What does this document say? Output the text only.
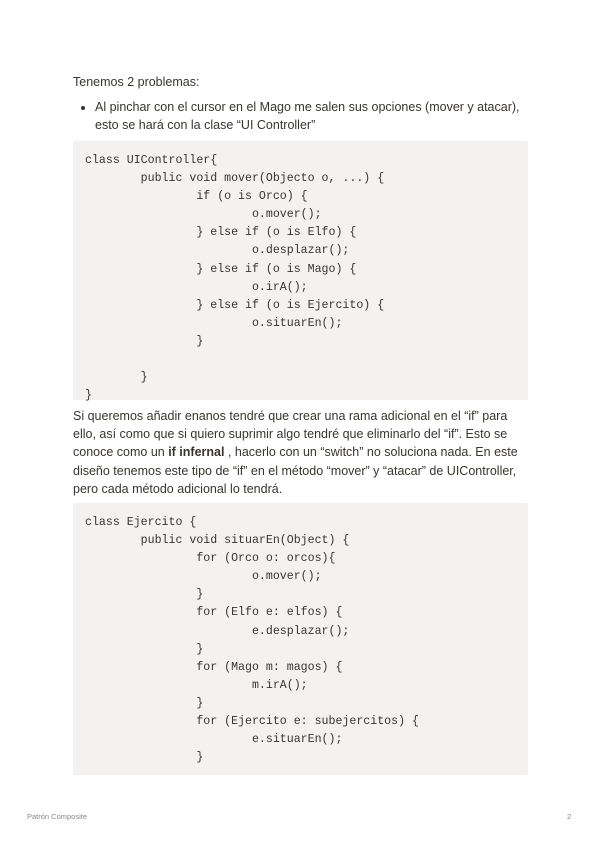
Tenemos 2 problemas:

• Al pinchar con el cursor en el Mago me salen sus opciones (mover y atacar), esto se hará con la clase “UI Controller”
class UIController{
public void mover(Objecto o, ...) {
if (o is Orco) {
o.mover();
} else if (o is Elfo) {
o.desplazar();
} else if (o is Mago) {
o.irA();
} else if (o is Ejercito) {
o.situarEn();
}
}
}

Si queremos añadir enanos tendré que crear una rama adicional en el “if” para ello, así como que si quiero suprimir algo tendré que eliminarlo del “if”. Esto se conoce como un if infernal , hacerlo con un “switch” no soluciona nada. En este diseño tenemos este tipo de “if” en el método “mover” y “atacar” de UIController, pero cada método adicional lo tendrá.

class Ejercito {
public void situarEn(Object) {
for (Orco o: orcos){
o.mover();
}
for (Elfo e: elfos) {
e.desplazar();
}
for (Mago m: magos) {
m.irA();
}
for (Ejercito e: subejercitos) {
e.situarEn();
}
Patrón Composite	2
